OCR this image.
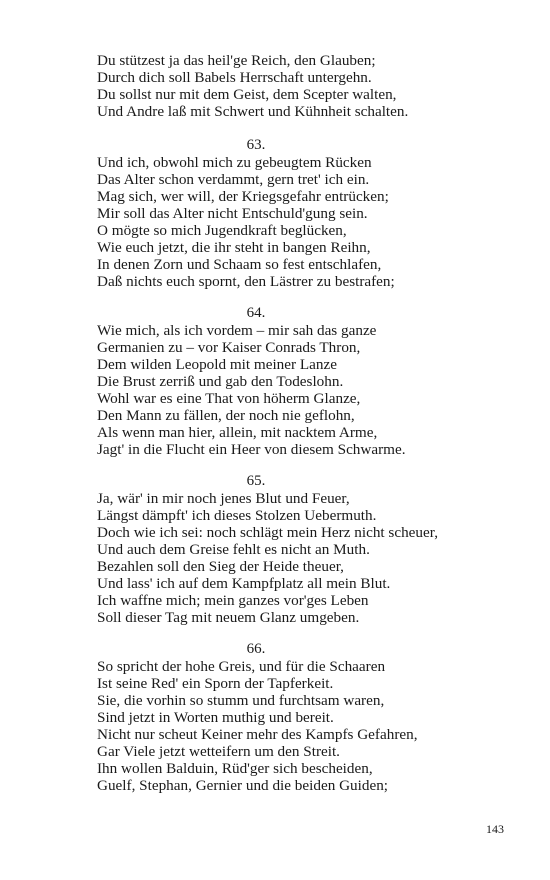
Du stützest ja das heil'ge Reich, den Glauben;
Durch dich soll Babels Herrschaft untergehn.
Du sollst nur mit dem Geist, dem Scepter walten,
Und Andre laß mit Schwert und Kühnheit schalten.
63.
Und ich, obwohl mich zu gebeugtem Rücken
Das Alter schon verdammt, gern tret' ich ein.
Mag sich, wer will, der Kriegsgefahr entrücken;
Mir soll das Alter nicht Entschuld'gung sein.
O mögte so mich Jugendkraft beglücken,
Wie euch jetzt, die ihr steht in bangen Reihn,
In denen Zorn und Schaam so fest entschlafen,
Daß nichts euch spornt, den Lästrer zu bestrafen;
64.
Wie mich, als ich vordem – mir sah das ganze
Germanien zu – vor Kaiser Conrads Thron,
Dem wilden Leopold mit meiner Lanze
Die Brust zerriß und gab den Todeslohn.
Wohl war es eine That von höherm Glanze,
Den Mann zu fällen, der noch nie geflohn,
Als wenn man hier, allein, mit nacktem Arme,
Jagt' in die Flucht ein Heer von diesem Schwarme.
65.
Ja, wär' in mir noch jenes Blut und Feuer,
Längst dämpft' ich dieses Stolzen Uebermuth.
Doch wie ich sei: noch schlägt mein Herz nicht scheuer,
Und auch dem Greise fehlt es nicht an Muth.
Bezahlen soll den Sieg der Heide theuer,
Und lass' ich auf dem Kampfplatz all mein Blut.
Ich waffne mich; mein ganzes vor'ges Leben
Soll dieser Tag mit neuem Glanz umgeben.
66.
So spricht der hohe Greis, und für die Schaaren
Ist seine Red' ein Sporn der Tapferkeit.
Sie, die vorhin so stumm und furchtsam waren,
Sind jetzt in Worten muthig und bereit.
Nicht nur scheut Keiner mehr des Kampfs Gefahren,
Gar Viele jetzt wetteifern um den Streit.
Ihn wollen Balduin, Rüd'ger sich bescheiden,
Guelf, Stephan, Gernier und die beiden Guiden;
143
